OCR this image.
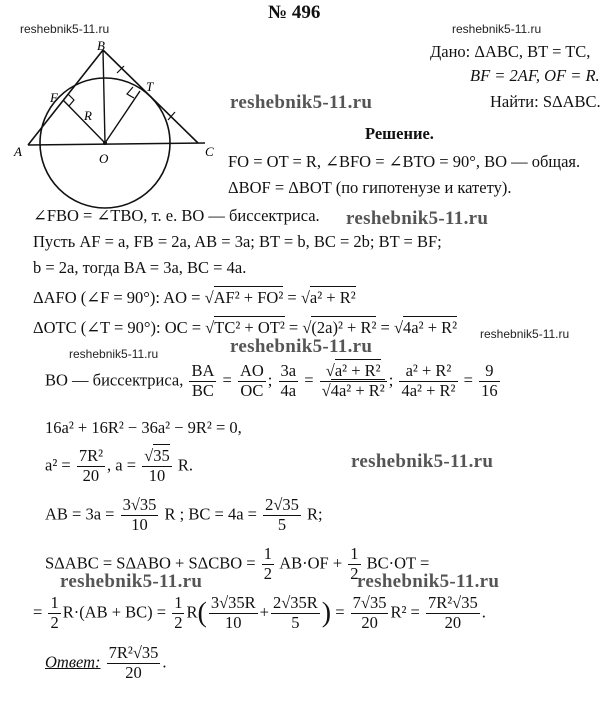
№ 496
reshebnik5-11.ru	reshebnik5-11.ru
B
F
T
R
A	O	C
Дано: ΔABC, BT = TC,
BF = 2AF, OF = R.
reshebnik5-11.ru	Найти: SΔABC.
Решение.
FO = OT = R, ∠BFO = ∠BTO = 90°, BO — общая.
ΔBOF = ΔBOT (по гипотенузе и катету).
∠FBO = ∠TBO, т. е. BO — биссектриса. reshebnik5-11.ru
Пусть AF = a, FB = 2a, AB = 3a; BT = b, BC = 2b; BT = BF;
b = 2a, тогда BA = 3a, BC = 4a.
ΔAFO (∠F = 90°): AO = √AF² + FO² = √a² + R²
ΔOTC (∠T = 90°): OC = √TC² + OT² = √(2a)² + R² = √4a² + R²
reshebnik5-11.ru	reshebnik5-11.ru
reshebnik5-11.ru
BO — биссектриса, $\frac{BA}{BC} = \frac{AO}{OC}$ ; $\frac{3a}{4a} = \frac{\text{√a² + R²}}{\text{√4a² + R²}}$ ; $\frac{\text{a² + R²}}{\text{4a² + R²}} = \frac{9}{16}$
16a² + 16R² − 36a² − 9R² = 0,
$a^2 = \frac{\text{7R²}}{20}$ , $a = \frac{√35}{10} R$.	reshebnik5-11.ru
AB = $3a = \frac{3√35}{10}$ R ; BC = $4a = \frac{2√35}{5} R$;
$S\Delta ABC = S\Delta ABO + S\Delta CBO = \frac{1}{2} AB\cdot OF + \frac{1}{2} BC\cdot OT$ =
reshebnik5-11.ru	reshebnik5-11.ru
= $\frac{1}{2} R\cdot(AB + BC) = \frac{1}{2} R( \frac{3√35R}{10} + \frac{2√35R}{5}$ ) = $\frac{7√35}{20} R^2 = \frac{\text{7R²√35}}{20}$ .
Ответ: $\frac{\text{7R²√35}}{20}$ .
